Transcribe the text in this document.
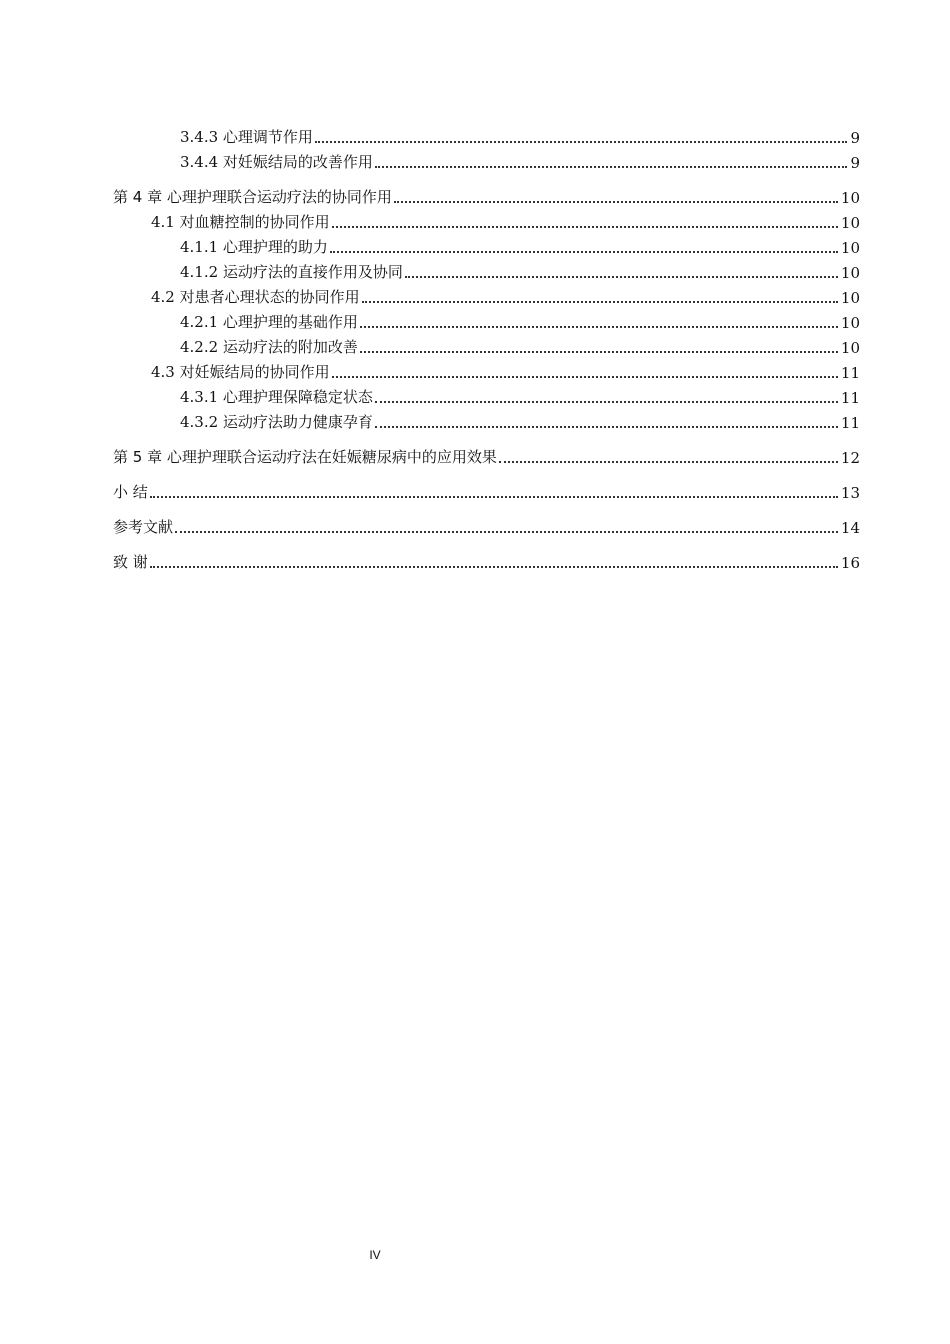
3.4.3 心理调节作用	9
3.4.4 对妊娠结局的改善作用	9
第 4 章 心理护理联合运动疗法的协同作用	10
4.1 对血糖控制的协同作用	10
4.1.1 心理护理的助力	10
4.1.2 运动疗法的直接作用及协同	10
4.2 对患者心理状态的协同作用	10
4.2.1 心理护理的基础作用	10
4.2.2 运动疗法的附加改善	10
4.3 对妊娠结局的协同作用	11
4.3.1 心理护理保障稳定状态	11
4.3.2 运动疗法助力健康孕育	11
第 5 章 心理护理联合运动疗法在妊娠糖尿病中的应用效果	12
小 结	13
参考文献	14
致 谢	16
IV
